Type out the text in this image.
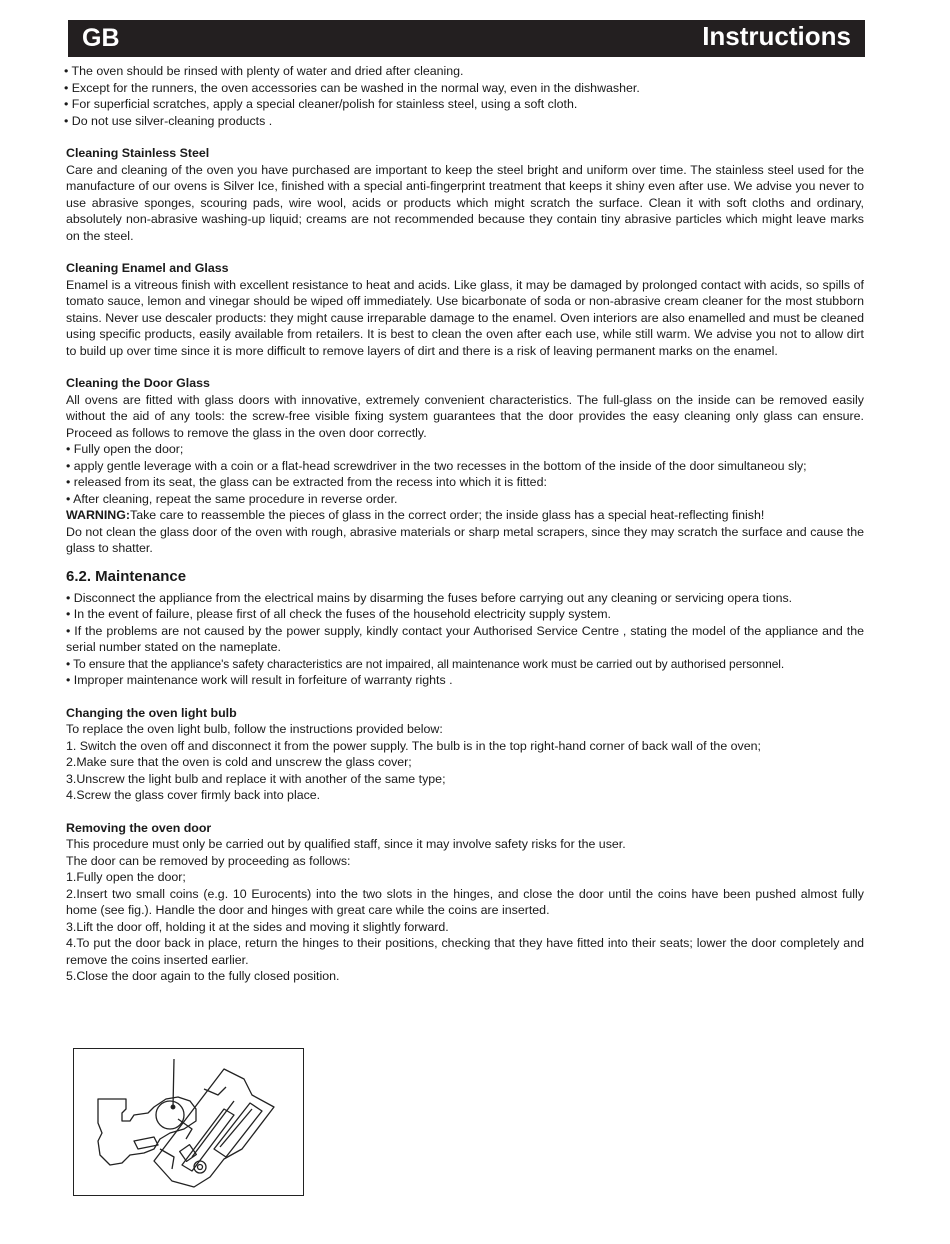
GB	Instructions

• The oven should be rinsed with plenty of water and dried after cleaning.

• Except for the runners, the oven accessories can be washed in the normal way, even in the dishwasher.

• For superficial scratches, apply a special cleaner/polish for stainless steel, using a soft cloth.

• Do not use silver-cleaning products .

Cleaning Stainless Steel

Care and cleaning of the oven you have purchased are important to keep the steel bright and uniform over time. The stainless steel used for the manufacture of our ovens is Silver Ice, finished with a special anti-fingerprint treatment that keeps it shiny even after use. We advise you never to use abrasive sponges, scouring pads, wire wool, acids or products which might scratch the surface. Clean it with soft cloths and ordinary, absolutely non-abrasive washing-up liquid; creams are not recommended because they contain tiny abrasive particles which might leave marks on the steel.

Cleaning Enamel and Glass

Enamel is a vitreous finish with excellent resistance to heat and acids. Like glass, it may be damaged by prolonged contact with acids, so spills of tomato sauce, lemon and vinegar should be wiped off immediately. Use bicarbonate of soda or non-abrasive cream cleaner for the most stubborn stains. Never use descaler products: they might cause irreparable damage to the enamel. Oven interiors are also enamelled and must be cleaned using specific products, easily available from retailers. It is best to clean the oven after each use, while still warm. We advise you not to allow dirt to build up over time since it is more difficult to remove layers of dirt and there is a risk of leaving permanent marks on the enamel.

Cleaning the Door Glass

All ovens are fitted with glass doors with innovative, extremely convenient characteristics. The full-glass on the inside can be removed easily without the aid of any tools: the screw-free visible fixing system guarantees that the door provides the easy cleaning only glass can ensure. Proceed as follows to remove the glass in the oven door correctly.

• Fully open the door;

• apply gentle leverage with a coin or a flat-head screwdriver in the two recesses in the bottom of the inside of the door simultaneou sly;

• released from its seat, the glass can be extracted from the recess into which it is fitted:

• After cleaning, repeat the same procedure in reverse order.

WARNING:Take care to reassemble the pieces of glass in the correct order; the inside glass has a special heat-reflecting finish!

Do not clean the glass door of the oven with rough, abrasive materials or sharp metal scrapers, since they may scratch the surface and cause the glass to shatter.

6.2. Maintenance

• Disconnect the appliance from the electrical mains by disarming the fuses before carrying out any cleaning or servicing opera tions.

• In the event of failure, please first of all check the fuses of the household electricity supply system.

• If the problems are not caused by the power supply, kindly contact your Authorised Service Centre , stating the model of the appliance and the serial number stated on the nameplate.

• To ensure that the appliance's safety characteristics are not impaired, all maintenance work must be carried out by authorised personnel.

• Improper maintenance work will result in forfeiture of warranty rights .

Changing the oven light bulb

To replace the oven light bulb, follow the instructions provided below:

1. Switch the oven off and disconnect it from the power supply. The bulb is in the top right-hand corner of back wall of the oven;

2.Make sure that the oven is cold and unscrew the glass cover;

3.Unscrew the light bulb and replace it with another of the same type;

4.Screw the glass cover firmly back into place.

Removing the oven door

This procedure must only be carried out by qualified staff, since it may involve safety risks for the user.

The door can be removed by proceeding as follows:

1.Fully open the door;

2.Insert two small coins (e.g. 10 Eurocents) into the two slots in the hinges, and close the door until the coins have been pushed almost fully home (see fig.). Handle the door and hinges with great care while the coins are inserted.

3.Lift the door off, holding it at the sides and moving it slightly forward.

4.To put the door back in place, return the hinges to their positions, checking that they have fitted into their seats; lower the door completely and remove the coins inserted earlier.

5.Close the door again to the fully closed position.
